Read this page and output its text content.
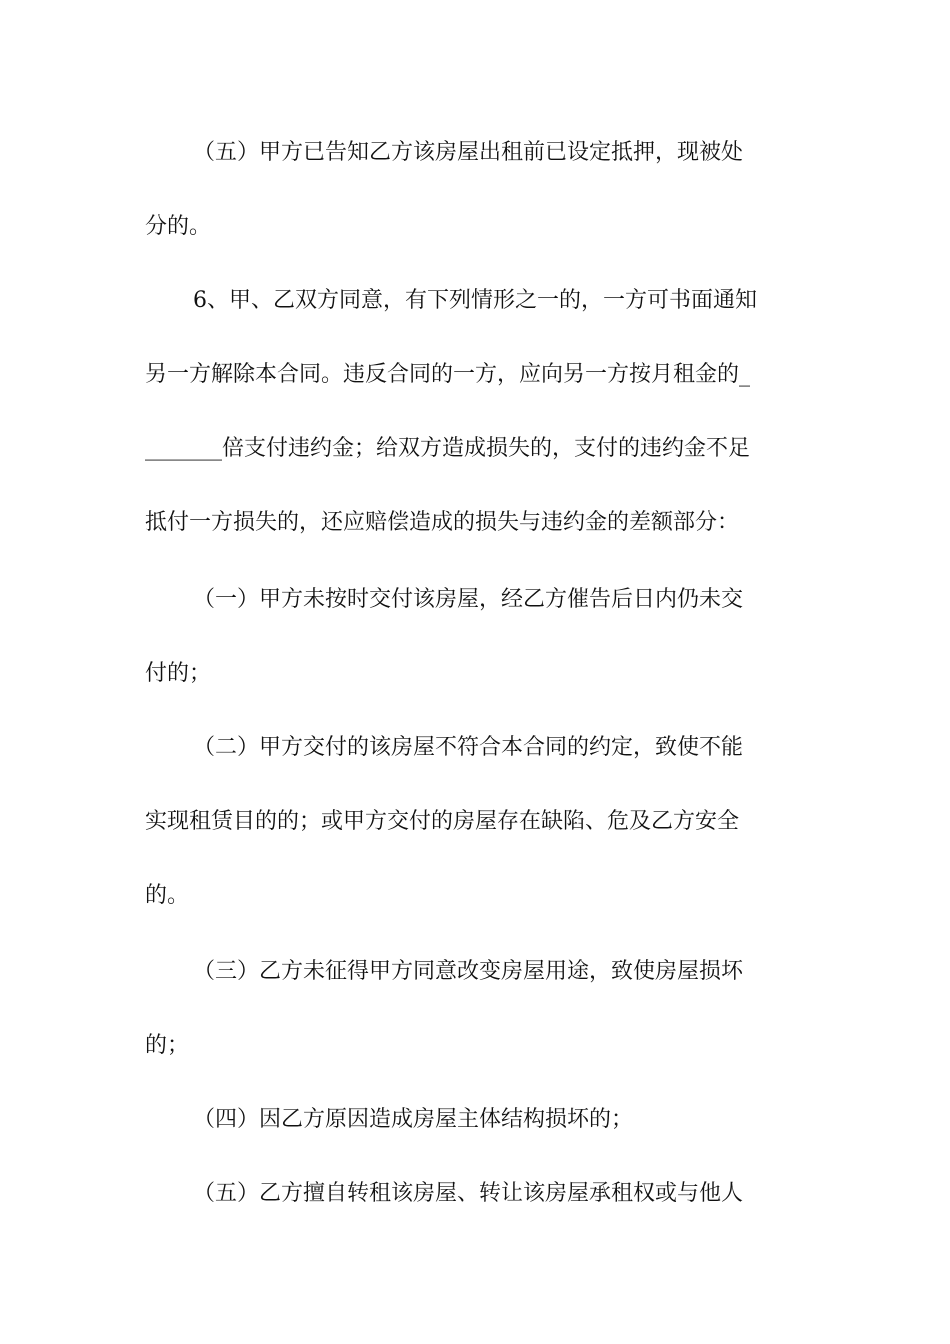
（五）甲方已告知乙方该房屋出租前已设定抵押，现被处
分的。
6、甲、乙双方同意，有下列情形之一的，一方可书面通知
另一方解除本合同。违反合同的一方，应向另一方按月租金的_
_______倍支付违约金；给双方造成损失的，支付的违约金不足
抵付一方损失的，还应赔偿造成的损失与违约金的差额部分：
（一）甲方未按时交付该房屋，经乙方催告后日内仍未交
付的；
（二）甲方交付的该房屋不符合本合同的约定，致使不能
实现租赁目的的；或甲方交付的房屋存在缺陷、危及乙方安全
的。
（三）乙方未征得甲方同意改变房屋用途，致使房屋损坏
的；
（四）因乙方原因造成房屋主体结构损坏的；
（五）乙方擅自转租该房屋、转让该房屋承租权或与他人
